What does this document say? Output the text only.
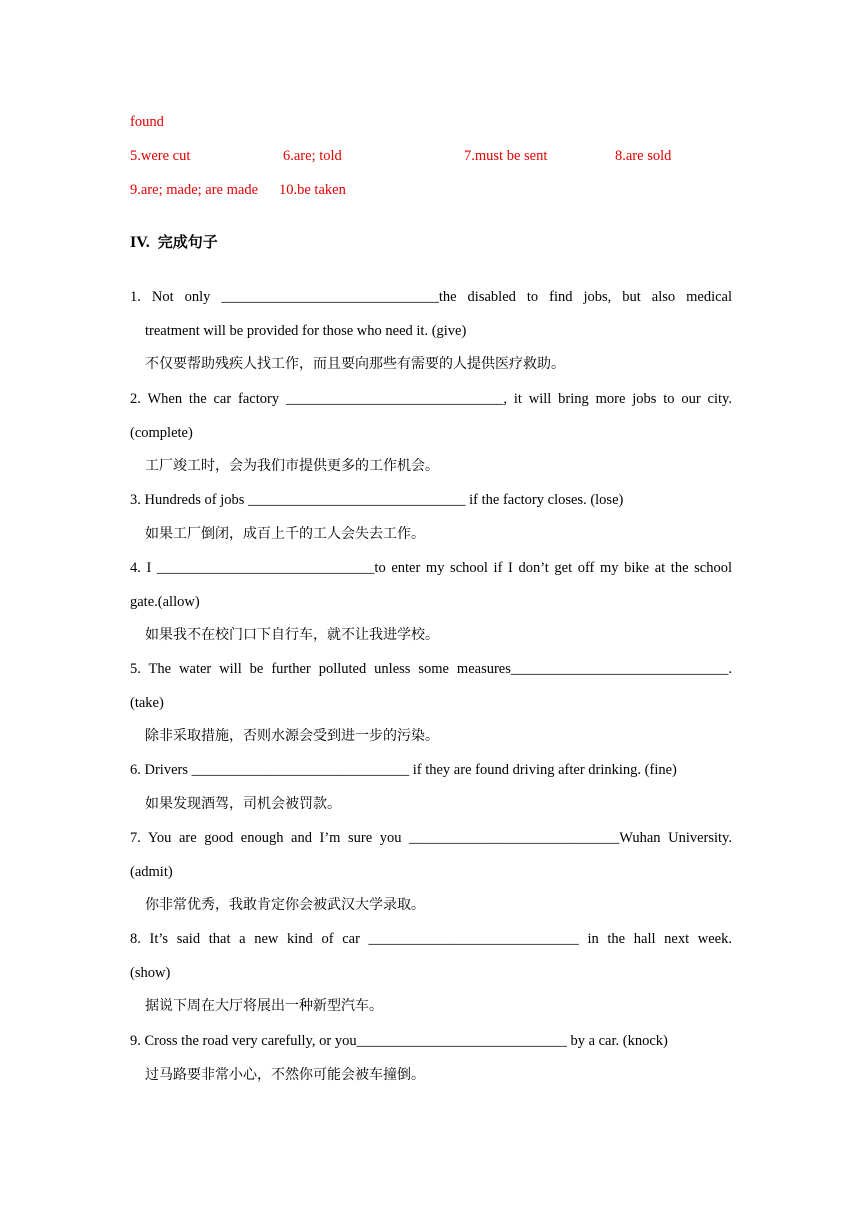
found
5.were cut	6.are; told	7.must be sent	8.are sold
9.are; made; are made 10.be taken
IV. 完成句子
1. Not only ______________________________the disabled to find jobs, but also medical
treatment will be provided for those who need it. (give)
不仅要帮助残疾人找工作，而且要向那些有需要的人提供医疗救助。
2. When the car factory ______________________________, it will bring more jobs to our city.
(complete)
工厂竣工时，会为我们市提供更多的工作机会。
3. Hundreds of jobs ______________________________ if the factory closes. (lose)
如果工厂倒闭，成百上千的工人会失去工作。
4. I ______________________________to enter my school if I don’t get off my bike at the school
gate.(allow)
如果我不在校门口下自行车，就不让我进学校。
5. The water will be further polluted unless some measures______________________________.
(take)
除非采取措施，否则水源会受到进一步的污染。
6. Drivers ______________________________ if they are found driving after drinking. (fine)
如果发现酒驾，司机会被罚款。
7. You are good enough and I’m sure you _____________________________Wuhan University.
(admit)
你非常优秀，我敢肯定你会被武汉大学录取。
8. It’s said that a new kind of car _____________________________ in the hall next week.
(show)
据说下周在大厅将展出一种新型汽车。
9. Cross the road very carefully, or you_____________________________ by a car. (knock)
过马路要非常小心，不然你可能会被车撞倒。
